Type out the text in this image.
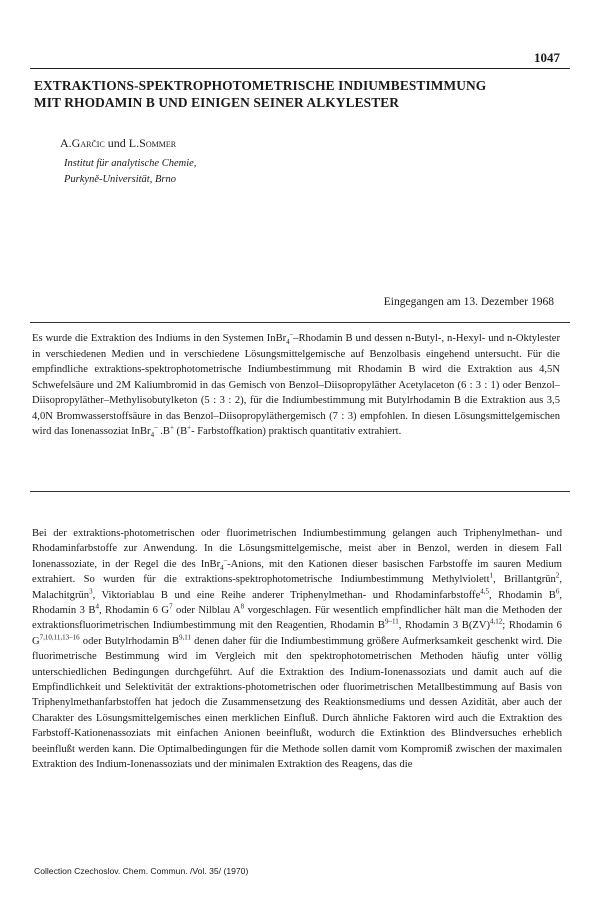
1047
EXTRAKTIONS-SPEKTROPHOTOMETRISCHE INDIUMBESTIMMUNG
MIT RHODAMIN B UND EINIGEN SEINER ALKYLESTER
A.Garčic und L.Sommer
Institut für analytische Chemie,
Purkyně-Universität, Brno
Eingegangen am 13. Dezember 1968

Es wurde die Extraktion des Indiums in den Systemen InBr$_4$––Rhodamin B und dessen n-Butyl-, n-Hexyl- und n-Oktylester in verschiedenen Medien und in verschiedene Lösungsmittelgemische auf Benzolbasis eingehend untersucht. Für die empfindliche extraktions-spektrophotometrische Indiumbestimmung mit Rhodamin B wird die Extraktion aus 4,5N Schwefelsäure und 2M Kaliumbromid in das Gemisch von Benzol–Diisopropyläther Acetylaceton (6 : 3 : 1) oder Benzol–Diisopropyläther–Methylisobutylketon (5 : 3 : 2), für die Indiumbestimmung mit Butylrhodamin B die Extraktion aus 3,5 4,0N Bromwasserstoffsäure in das Benzol–Diisopropyläthergemisch (7 : 3) empfohlen. In diesen Lösungsmittelgemischen wird das Ionenassoziat InBr$_4$– .B+ (B+- Farbstoffkation) praktisch quantitativ extrahiert.

Bei der extraktions-photometrischen oder fluorimetrischen Indiumbestimmung gelangen auch Triphenylmethan- und Rhodaminfarbstoffe zur Anwendung. In die Lösungsmittelgemische, meist aber in Benzol, werden in diesem Fall Ionenassoziate, in der Regel die des InBr$_4$–-Anions, mit den Kationen dieser basischen Farbstoffe im sauren Medium extrahiert. So wurden für die extraktions-spektrophotometrische Indiumbestimmung Methylviolett$^1$, Brillantgrün$^2$, Malachitgrün$^3$, Viktoriablau B und eine Reihe anderer Triphenylmethan- und Rhodaminfarbstoffe$^{4,5}$, Rhodamin $B^6$, Rhodamin 3 $B^4$, Rhodamin 6 $G^7$ oder Nilblau $A^8$ vorgeschlagen. Für wesentlich empfindlicher hält man die Methoden der extraktionsfluorimetrischen Indiumbestimmung mit den Reagentien, Rhodamin $B^{9-11}$, Rhodamin 3 B(ZV)$^{4,12}$; Rhodamin 6 G$^{7,10,11,13-16}$ oder Butylrhodamin B$^{9,11}$ denen daher für die Indiumbestimmung größere Aufmerksamkeit geschenkt wird. Die fluorimetrische Bestimmung wird im Vergleich mit den spektrophotometrischen Methoden häufig unter völlig unterschiedlichen Bedingungen durchgeführt. Auf die Extraktion des Indium-Ionenassoziats und damit auch auf die Empfindlichkeit und Selektivität der extraktions-photometrischen oder fluorimetrischen Metallbestimmung auf Basis von Triphenylmethanfarbstoffen hat jedoch die Zusammensetzung des Reaktionsmediums und dessen Azidität, aber auch der Charakter des Lösungsmittelgemisches einen merklichen Einfluß. Durch ähnliche Faktoren wird auch die Extraktion des Farbstoff-Kationenassoziats mit einfachen Anionen beeinflußt, wodurch die Extinktion des Blindversuches erheblich beeinflußt werden kann. Die Optimalbedingungen für die Methode sollen damit vom Kompromiß zwischen der maximalen Extraktion des Indium-Ionenassoziats und der minimalen Extraktion des Reagens, das die

Collection Czechoslov. Chem. Commun. /Vol. 35/ (1970)
